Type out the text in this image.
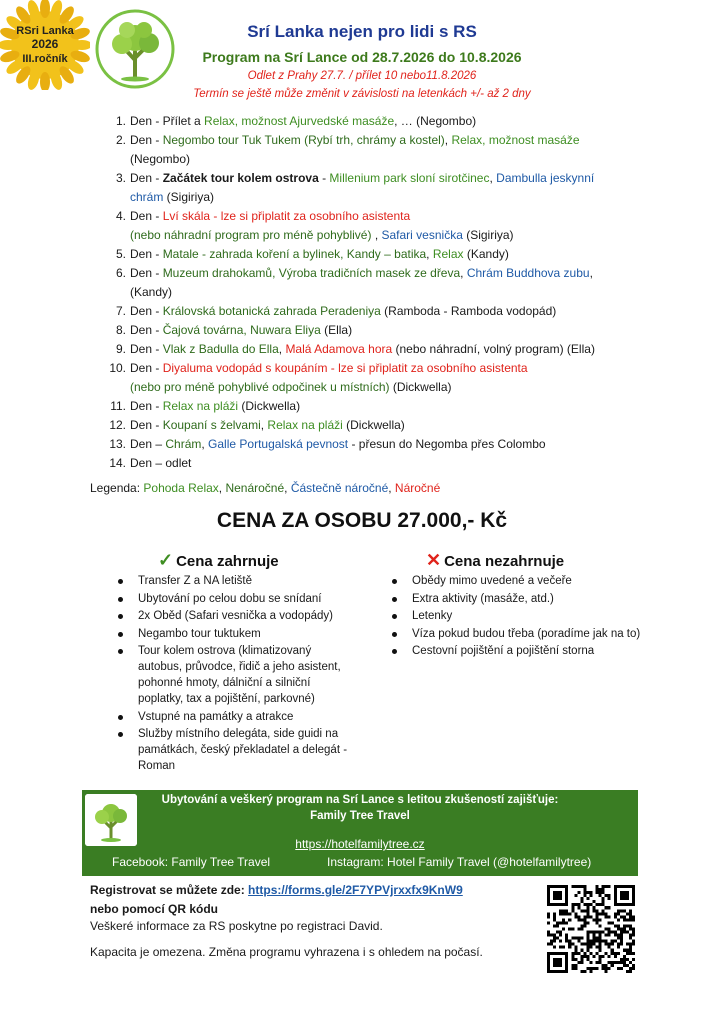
RSri Lanka
2026
III.ročník

Srí Lanka nejen pro lidi s RS
Program na Srí Lance od 28.7.2026 do 10.8.2026
Odlet z Prahy 27.7. / přílet 10 nebo11.8.2026
Termín se ještě může změnit v závislosti na letenkách +/- až 2 dny
1. Den - Přílet a Relax, možnost Ajurvedské masáže, … (Negombo)
2. Den - Negombo tour Tuk Tukem (Rybí trh, chrámy a kostel), Relax, možnost masáže
(Negombo)
3. Den - Začátek tour kolem ostrova - Millenium park sloní sirotčinec, Dambulla jeskynní
chrám (Sigiriya)
4. Den - Lví skála - lze si připlatit za osobního asistenta
(nebo náhradní program pro méně pohyblivé) , Safari vesnička (Sigiriya)
5. Den - Matale - zahrada koření a bylinek, Kandy – batika, Relax (Kandy)
6. Den - Muzeum drahokamů, Výroba tradičních masek ze dřeva, Chrám Buddhova zubu,
(Kandy)
7. Den - Královská botanická zahrada Peradeniya (Ramboda - Ramboda vodopád)
8. Den - Čajová továrna, Nuwara Eliya (Ella)
9. Den - Vlak z Badulla do Ella, Malá Adamova hora (nebo náhradní, volný program) (Ella)
10. Den - Diyaluma vodopád s koupáním - lze si připlatit za osobního asistenta
(nebo pro méně pohyblivé odpočinek u místních) (Dickwella)
11. Den - Relax na pláži (Dickwella)
12. Den - Koupaní s želvami, Relax na pláži (Dickwella)
13. Den – Chrám, Galle Portugalská pevnost - přesun do Negomba přes Colombo
14. Den – odlet
Legenda: Pohoda Relax, Nenáročné, Částečně náročné, Náročné
CENA ZA OSOBU 27.000,- Kč
✓ Cena zahrnuje	✕ Cena nezahrnuje
Transfer Z a NA letiště
Ubytování po celou dobu se snídaní
2x Oběd (Safari vesnička a vodopády)
Negambo tour tuktukem
Tour kolem ostrova (klimatizovaný autobus, průvodce, řidič a jeho asistent, pohonné hmoty, dálniční a silniční poplatky, tax a pojištění, parkovné)
Vstupné na památky a atrakce
Služby místního delegáta, side guidi na památkách, český překladatel a delegát - Roman
Obědy mimo uvedené a večeře
Extra aktivity (masáže, atd.)
Letenky
Víza pokud budou třeba (poradíme jak na to)
Cestovní pojištění a pojištění storna
Ubytování a veškerý program na Srí Lance s letitou zkušeností zajišťuje:
Family Tree Travel
https://hotelfamilytree.cz
Facebook: Family Tree Travel	Instagram: Hotel Family Travel (@hotelfamilytree)
Registrovat se můžete zde: https://forms.gle/2F7YPVjrxxfx9KnW9
nebo pomocí QR kódu
Veškeré informace za RS poskytne po registraci David.
Kapacita je omezena. Změna programu vyhrazena i s ohledem na počasí.
